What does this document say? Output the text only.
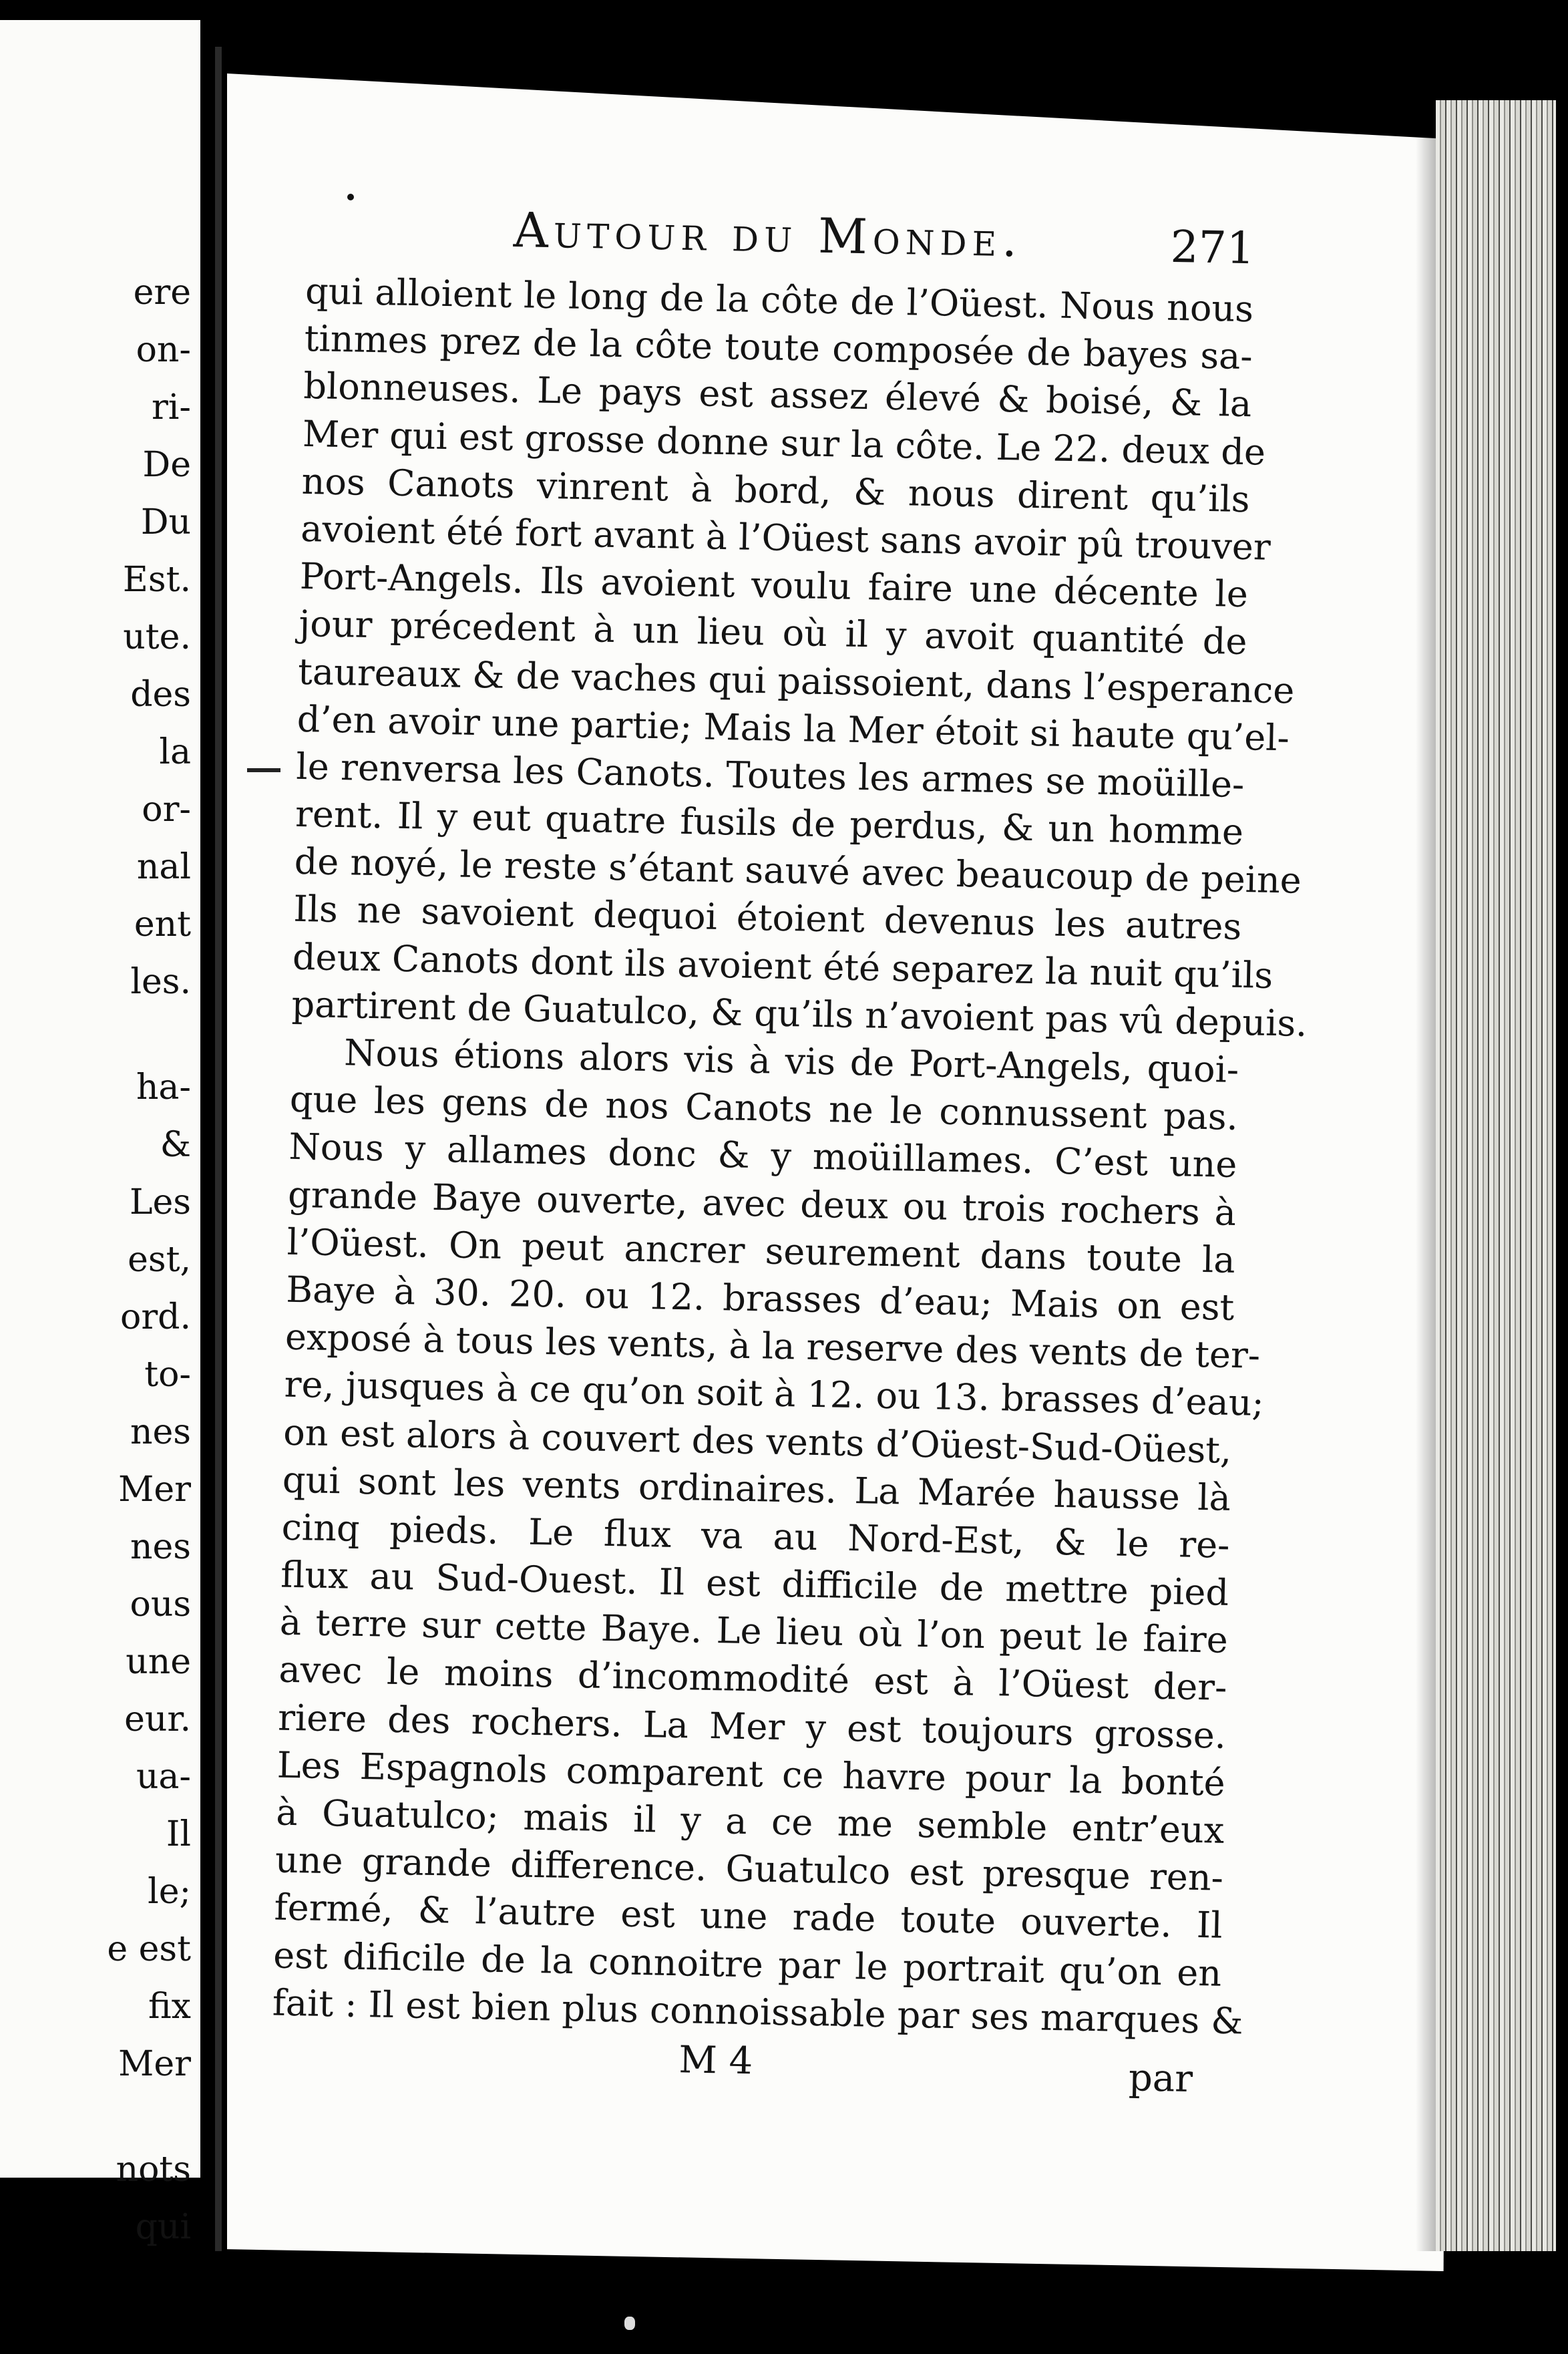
ere
on-
ri-
De
Du
Est.
ute.
des
la
or-
nal
ent
les.
ha-
&
Les
est,
ord.
to-
nes
Mer
nes
ous
une
eur.
ua-
Il
le;
e est
fix
Mer
nots
qui
Autour du Monde.	271
qui alloient le long de la côte de l’Oüest. Nous nous
tinmes prez de la côte toute composée de bayes sa-
blonneuses. Le pays est assez élevé & boisé, & la
Mer qui est grosse donne sur la côte. Le 22. deux de
nos Canots vinrent à bord, & nous dirent qu’ils
avoient été fort avant à l’Oüest sans avoir pû trouver
Port-Angels. Ils avoient voulu faire une décente le
jour précedent à un lieu où il y avoit quantité de
taureaux & de vaches qui paissoient, dans l’esperance
d’en avoir une partie; Mais la Mer étoit si haute qu’el-
le renversa les Canots. Toutes les armes se moüille-
rent. Il y eut quatre fusils de perdus, & un homme
de noyé, le reste s’étant sauvé avec beaucoup de peine
Ils ne savoient dequoi étoient devenus les autres
deux Canots dont ils avoient été separez la nuit qu’ils
partirent de Guatulco, & qu’ils n’avoient pas vû depuis.
Nous étions alors vis à vis de Port-Angels, quoi-
que les gens de nos Canots ne le connussent pas.
Nous y allames donc & y moüillames. C’est une
grande Baye ouverte, avec deux ou trois rochers à
l’Oüest. On peut ancrer seurement dans toute la
Baye à 30. 20. ou 12. brasses d’eau; Mais on est
exposé à tous les vents, à la reserve des vents de ter-
re, jusques à ce qu’on soit à 12. ou 13. brasses d’eau;
on est alors à couvert des vents d’Oüest-Sud-Oüest,
qui sont les vents ordinaires. La Marée hausse là
cinq pieds. Le flux va au Nord-Est, & le re-
flux au Sud-Ouest. Il est difficile de mettre pied
à terre sur cette Baye. Le lieu où l’on peut le faire
avec le moins d’incommodité est à l’Oüest der-
riere des rochers. La Mer y est toujours grosse.
Les Espagnols comparent ce havre pour la bonté
à Guatulco; mais il y a ce me semble entr’eux
une grande difference. Guatulco est presque ren-
fermé, & l’autre est une rade toute ouverte. Il
est dificile de la connoitre par le portrait qu’on en
fait : Il est bien plus connoissable par ses marques &
M 4	par
